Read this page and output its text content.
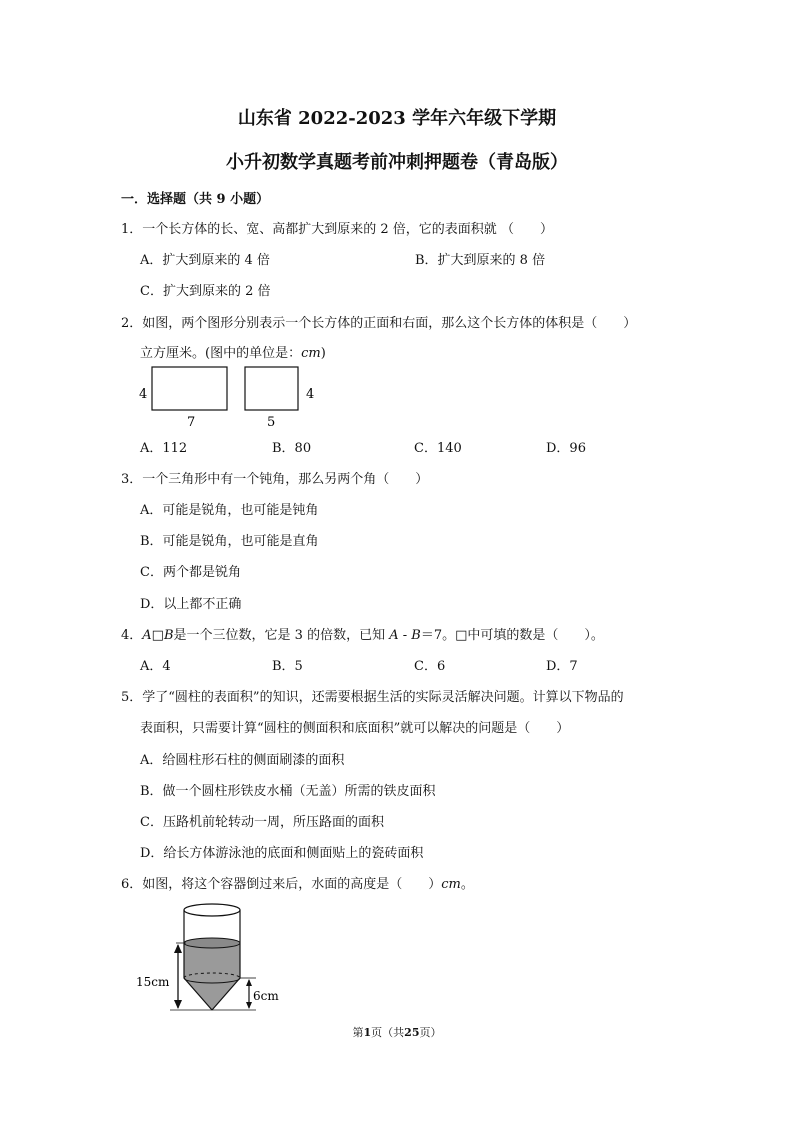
山东省 2022-2023 学年六年级下学期
小升初数学真题考前冲刺押题卷（青岛版）
一．选择题（共 9 小题）
1．一个长方体的长、宽、高都扩大到原来的 2 倍，它的表面积就 （　　）
A．扩大到原来的 4 倍	B．扩大到原来的 8 倍
C．扩大到原来的 2 倍
2．如图，两个图形分别表示一个长方体的正面和右面，那么这个长方体的体积是（　　）
立方厘米。(图中的单位是：cm)
4
7	5
4
A．112	B．80	C．140	D．96
3．一个三角形中有一个钝角，那么另两个角（　　）
A．可能是锐角，也可能是钝角
B．可能是锐角，也可能是直角
C．两个都是锐角
D．以上都不正确
4．A□B是一个三位数，它是 3 的倍数，已知 A - B＝7。□中可填的数是（　　）。
A．4	B．5	C．6	D．7
5．学了“圆柱的表面积”的知识，还需要根据生活的实际灵活解决问题。计算以下物品的
表面积，只需要计算“圆柱的侧面积和底面积”就可以解决的问题是（　　）
A．给圆柱形石柱的侧面刷漆的面积
B．做一个圆柱形铁皮水桶（无盖）所需的铁皮面积
C．压路机前轮转动一周，所压路面的面积
D．给长方体游泳池的底面和侧面贴上的瓷砖面积
6．如图，将这个容器倒过来后，水面的高度是（　　）cm。
15cm
6cm
第1页（共25页）
